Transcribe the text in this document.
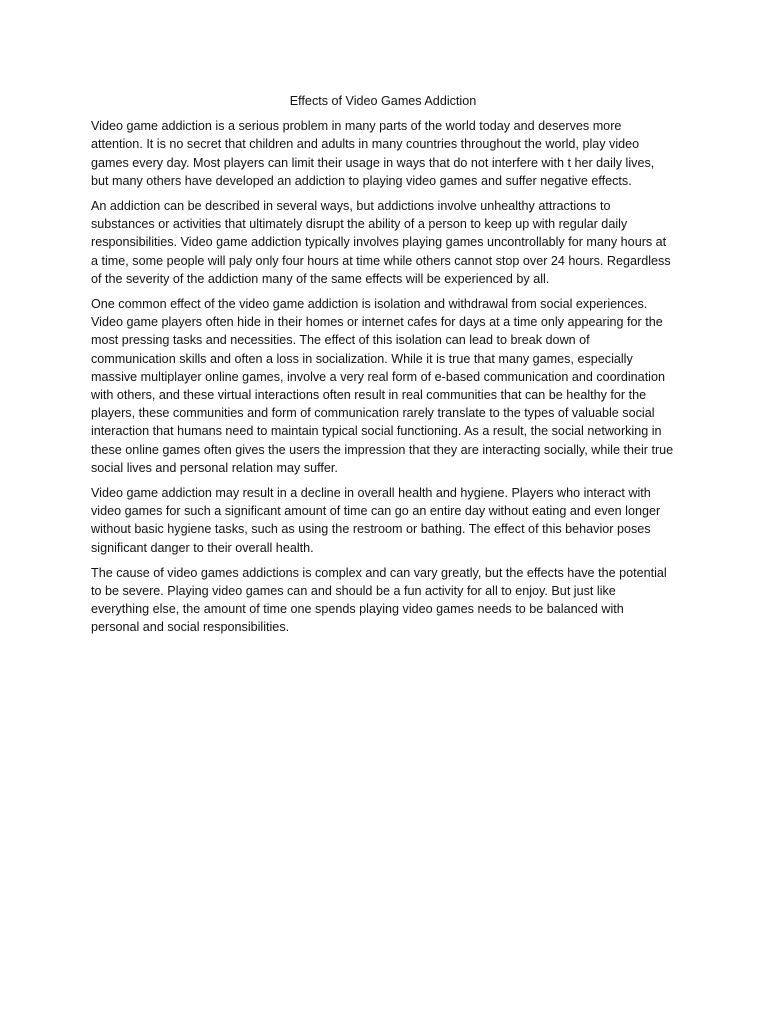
Effects of Video Games Addiction

Video game addiction is a serious problem in many parts of the world today and deserves more attention. It is no secret that children and adults in many countries throughout the world, play video games every day. Most players can limit their usage in ways that do not interfere with t her daily lives, but many others have developed an addiction to playing video games and suffer negative effects.

An addiction can be described in several ways, but addictions involve unhealthy attractions to substances or activities that ultimately disrupt the ability of a person to keep up with regular daily responsibilities. Video game addiction typically involves playing games uncontrollably for many hours at a time, some people will paly only four hours at time while others cannot stop over 24 hours. Regardless of the severity of the addiction many of the same effects will be experienced by all.

One common effect of the video game addiction is isolation and withdrawal from social experiences. Video game players often hide in their homes or internet cafes for days at a time only appearing for the most pressing tasks and necessities. The effect of this isolation can lead to break down of communication skills and often a loss in socialization. While it is true that many games, especially massive multiplayer online games, involve a very real form of e-based communication and coordination with others, and these virtual interactions often result in real communities that can be healthy for the players, these communities and form of communication rarely translate to the types of valuable social interaction that humans need to maintain typical social functioning. As a result, the social networking in these online games often gives the users the impression that they are interacting socially, while their true social lives and personal relation may suffer.

Video game addiction may result in a decline in overall health and hygiene. Players who interact with video games for such a significant amount of time can go an entire day without eating and even longer without basic hygiene tasks, such as using the restroom or bathing. The effect of this behavior poses significant danger to their overall health.

The cause of video games addictions is complex and can vary greatly, but the effects have the potential to be severe. Playing video games can and should be a fun activity for all to enjoy. But just like everything else, the amount of time one spends playing video games needs to be balanced with personal and social responsibilities.
